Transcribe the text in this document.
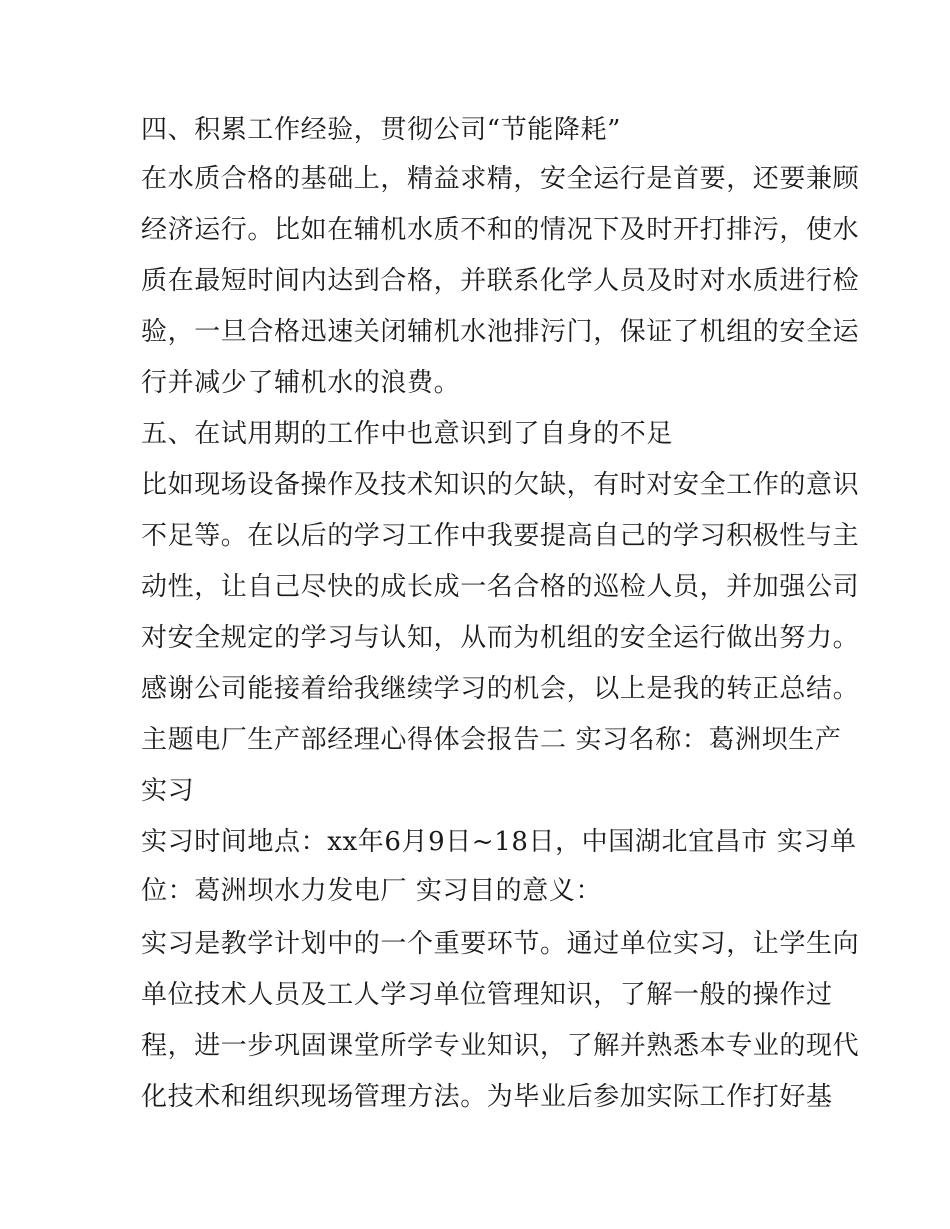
四、积累工作经验，贯彻公司“节能降耗”
在水质合格的基础上，精益求精，安全运行是首要，还要兼顾
经济运行。比如在辅机水质不和的情况下及时开打排污，使水
质在最短时间内达到合格，并联系化学人员及时对水质进行检
验，一旦合格迅速关闭辅机水池排污门，保证了机组的安全运
行并减少了辅机水的浪费。
五、在试用期的工作中也意识到了自身的不足
比如现场设备操作及技术知识的欠缺，有时对安全工作的意识
不足等。在以后的学习工作中我要提高自己的学习积极性与主
动性，让自己尽快的成长成一名合格的巡检人员，并加强公司
对安全规定的学习与认知，从而为机组的安全运行做出努力。
感谢公司能接着给我继续学习的机会，以上是我的转正总结。
主题电厂生产部经理心得体会报告二 实习名称：葛洲坝生产
实习
实习时间地点：xx年6月9日~18日，中国湖北宜昌市 实习单
位：葛洲坝水力发电厂 实习目的意义：
实习是教学计划中的一个重要环节。通过单位实习，让学生向
单位技术人员及工人学习单位管理知识，了解一般的操作过
程，进一步巩固课堂所学专业知识，了解并熟悉本专业的现代
化技术和组织现场管理方法。为毕业后参加实际工作打好基
